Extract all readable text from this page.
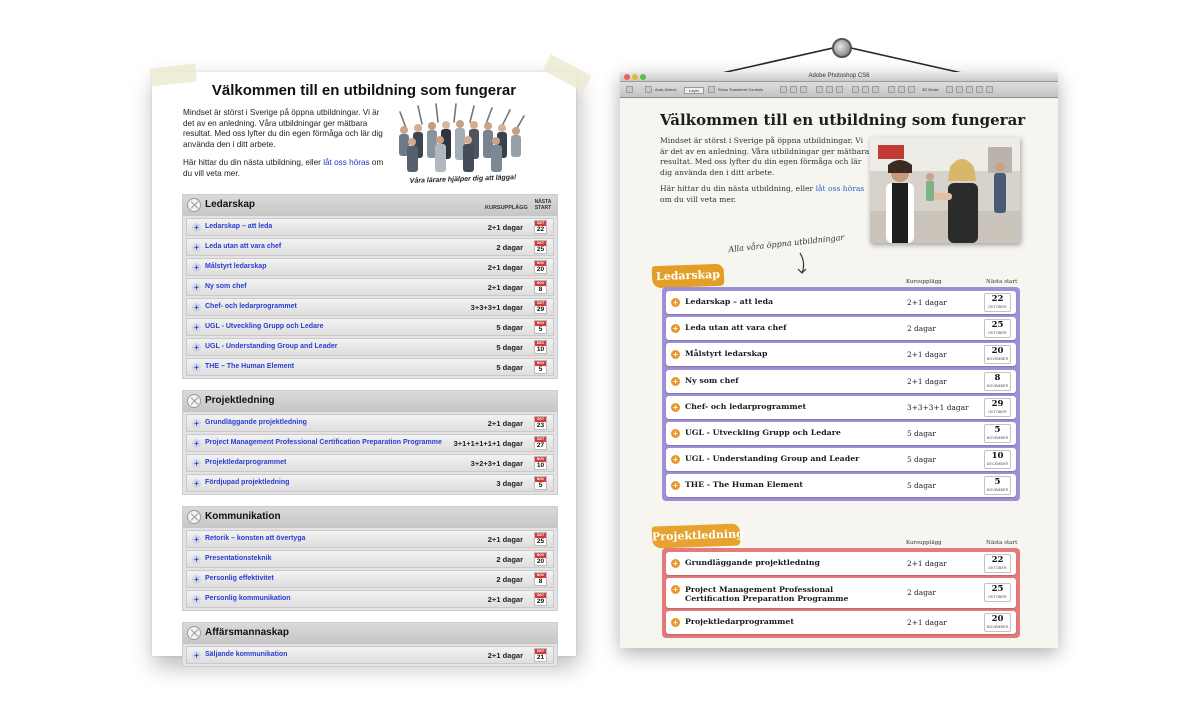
Välkommen till en utbildning som fungerar

Mindset är störst i Sverige på öppna utbildningar. Vi är det av en anledning. Våra utbildningar ger mätbara resultat. Med oss lyfter du din egen förmåga och lär dig använda den i ditt arbete.

Här hittar du din nästa utbildning, eller låt oss höras om du vill veta mer.

Våra lärare hjälper dig att lägga!
Ledarskap	KURSUPPLÄGG
NÄSTA START
+ Ledarskap – att leda	2+1 dagar	OKT
22
+ Leda utan att vara chef	2 dagar	OKT
25
+ Målstyrt ledarskap	2+1 dagar	NOV
20
+ Ny som chef	2+1 dagar	NOV
8
+ Chef- och ledarprogrammet	3+3+3+1 dagar	OKT
29
+ UGL - Utveckling Grupp och Ledare	5 dagar	NOV
5
+ UGL - Understanding Group and Leader	5 dagar	DEC
10
+ THE – The Human Element	5 dagar	NOV
5
Projektledning
+ Grundläggande projektledning	2+1 dagar	OKT
23
+ Project Management Professional Certification Preparation Programme 3+1+1+1+1+1 dagar	OKT
27
+ Projektledarprogrammet	3+2+3+1 dagar	NOV
10
+ Fördjupad projektledning	3 dagar	NOV
5
Kommunikation
+ Retorik – konsten att övertyga	2+1 dagar	OKT
25
+ Presentationsteknik	2 dagar	NOV
20
+ Personlig effektivitet	2 dagar	NOV
8
+ Personlig kommunikation	2+1 dagar	OKT
29
Affärsmannaskap
+ Säljande kommunikation	2+1 dagar	OKT
21
Adobe Photoshop CS6
Auto-Select:	Layer	Show Transform Controls	3D Mode:
Välkommen till en utbildning som fungerar

Mindset är störst i Sverige på öppna utbildningar. Vi är det av en anledning. Våra utbildningar ger mätbara resultat. Med oss lyfter du din egen förmåga och lär dig använda den i ditt arbete.

Här hittar du din nästa utbildning, eller låt oss höras om du vill veta mer.

Alla våra öppna utbildningar
Ledarskap	Kursupplägg	Nästa start
+ Ledarskap – att leda	2+1 dagar	22
OKTOBER
+ Leda utan att vara chef	2 dagar	25
OKTOBER
+ Målstyrt ledarskap	2+1 dagar	20
NOVEMBER
+ Ny som chef	2+1 dagar	8
NOVEMBER
+ Chef- och ledarprogrammet	3+3+3+1 dagar	29
OKTOBER
+ UGL - Utveckling Grupp och Ledare	5 dagar	5
NOVEMBER
+ UGL - Understanding Group and Leader	5 dagar	10
DECEMBER
+ THE - The Human Element	5 dagar	5
NOVEMBER
Projektledning	Kursupplägg	Nästa start
+ Grundläggande projektledning	2+1 dagar	22
OKTOBER
+ Project Management Professional Certification Preparation Programme
2 dagar	25
OKTOBER
+ Projektledarprogrammet	2+1 dagar	20
NOVEMBER
